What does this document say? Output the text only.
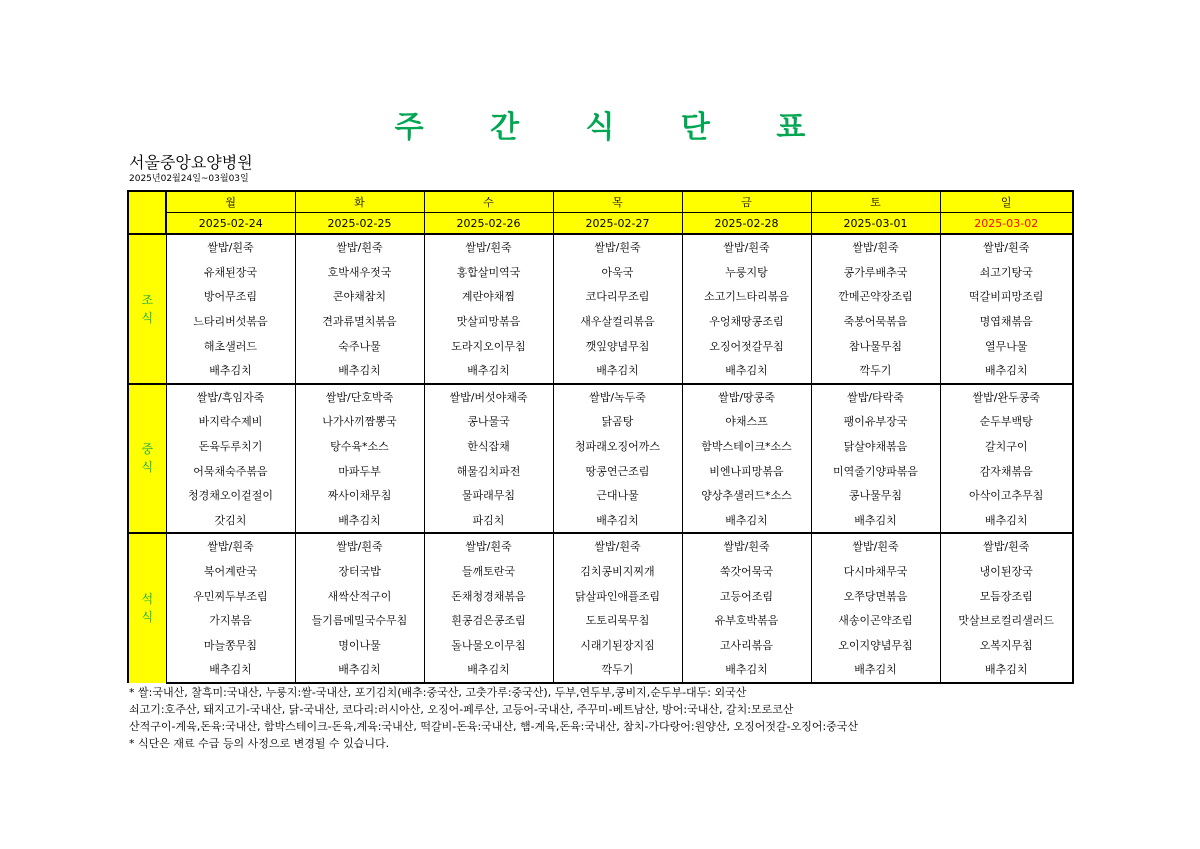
주 간 식 단 표
서울중앙요양병원
2025년02월24일~03월03일
	월	화	수	목	금	토	일
	2025-02-24	2025-02-25	2025-02-26	2025-02-27	2025-02-28	2025-03-01	2025-03-02

조
식	쌀밥/흰죽	쌀밥/흰죽	쌀밥/흰죽	쌀밥/흰죽	쌀밥/흰죽	쌀밥/흰죽	쌀밥/흰죽
	유채된장국	호박새우젓국	홍합살미역국	아욱국	누룽지탕	콩가루배추국	쇠고기탕국
	방어무조림	콘야채참치	계란야채찜	코다리무조림	소고기느타리볶음	깐메곤약장조림	떡갈비피망조림
	느타리버섯볶음	견과류멸치볶음	맛살피망볶음	새우살컬리볶음	우엉채땅콩조림	죽봉어묵볶음	명엽채볶음
	해초샐러드	숙주나물	도라지오이무침	깻잎양념무침	오징어젓갈무침	참나물무침	열무나물
	배추김치	배추김치	배추김치	배추김치	배추김치	깍두기	배추김치

중
식	쌀밥/흑임자죽	쌀밥/단호박죽	쌀밥/버섯야채죽	쌀밥/녹두죽	쌀밥/땅콩죽	쌀밥/타락죽	쌀밥/완두콩죽
	바지락수제비	나가사끼짬뽕국	콩나물국	닭곰탕	야채스프	팽이유부장국	순두부백탕
	돈육두루치기	탕수육*소스	한식잡채	청파래오징어까스	함박스테이크*소스	닭살야채볶음	갈치구이
	어묵채숙주볶음	마파두부	해물김치파전	땅콩연근조림	비엔나피망볶음	미역줄기양파볶음	감자채볶음
	청경채오이겉절이	짜사이채무침	물파래무침	근대나물	양상추샐러드*소스	콩나물무침	아삭이고추무침
	갓김치	배추김치	파김치	배추김치	배추김치	배추김치	배추김치

석
식	쌀밥/흰죽	쌀밥/흰죽	쌀밥/흰죽	쌀밥/흰죽	쌀밥/흰죽	쌀밥/흰죽	쌀밥/흰죽
	북어계란국	장터국밥	들깨토란국	김치콩비지찌개	쑥갓어묵국	다시마채무국	냉이된장국
	우민찌두부조림	새싹산적구이	돈채청경채볶음	닭살파인애플조림	고등어조림	오쭈당면볶음	모듬장조림
	가지볶음	들기름메밀국수무침	흰콩검은콩조림	도토리묵무침	유부호박볶음	새송이곤약조림	맛살브로컬리샐러드
	마늘쫑무침	명이나물	돌나물오이무침	시래기된장지짐	고사리볶음	오이지양념무침	오복지무침
	배추김치	배추김치	배추김치	깍두기	배추김치	배추김치	배추김치
* 쌀:국내산, 찰흑미:국내산, 누룽지:쌀-국내산, 포기김치(배추:중국산, 고춧가루:중국산), 두부,연두부,콩비지,순두부-대두: 외국산
쇠고기:호주산, 돼지고기-국내산, 닭-국내산, 코다리:러시아산, 오징어-페루산, 고등어-국내산, 주꾸미-베트남산, 방어:국내산, 갈치:모로코산
산적구이-계육,돈육:국내산, 함박스테이크-돈육,계육:국내산, 떡갈비-돈육:국내산, 햄-계육,돈육:국내산, 참치-가다랑어:원양산, 오징어젓갈-오징어:중국산
* 식단은 재료 수급 등의 사정으로 변경될 수 있습니다.
